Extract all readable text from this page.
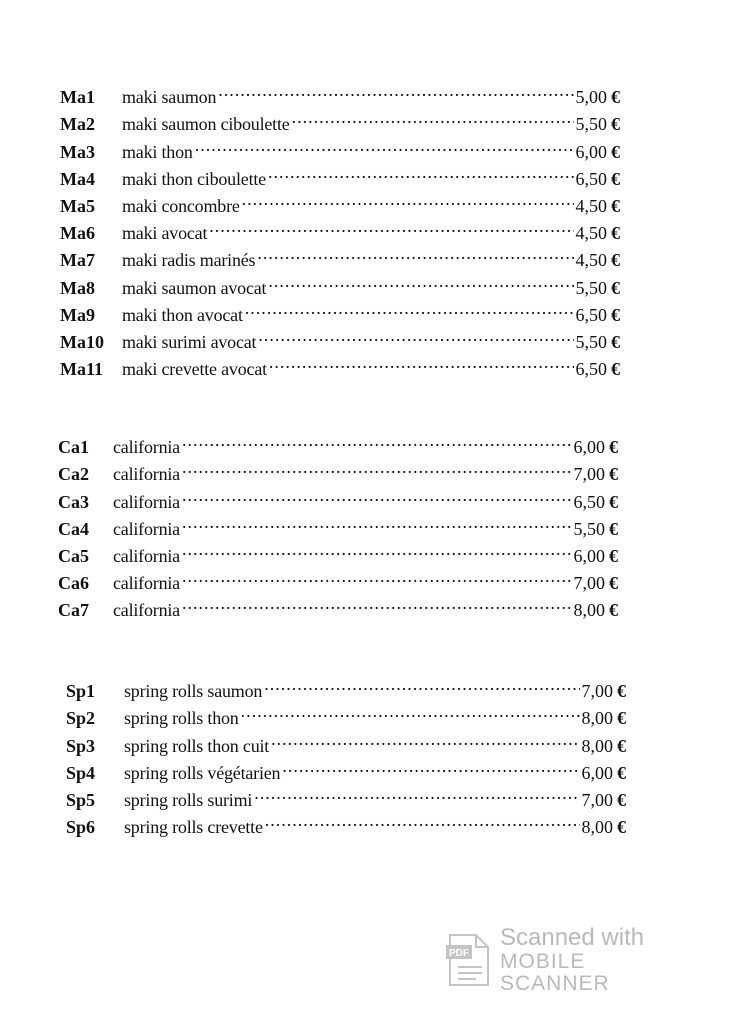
Ma1	maki saumon .....	5,00 €
Ma2	maki saumon ciboulette .....	5,50 €
Ma3	maki thon .....	6,00 €
Ma4	maki thon ciboulette .....	6,50 €
Ma5	maki concombre .....	4,50 €
Ma6	maki avocat .....	4,50 €
Ma7	maki radis marinés .....	4,50 €
Ma8	maki saumon avocat .....	5,50 €
Ma9	maki thon avocat .....	6,50 €
Ma10	maki surimi avocat .....	5,50 €
Ma11	maki crevette avocat .....	6,50 €
Ca1	california .....	6,00 €
Ca2	california .....	7,00 €
Ca3	california .....	6,50 €
Ca4	california .....	5,50 €
Ca5	california .....	6,00 €
Ca6	california .....	7,00 €
Ca7	california .....	8,00 €
Sp1	spring rolls saumon .....	7,00 €
Sp2	spring rolls thon .....	8,00 €
Sp3	spring rolls thon cuit .....	8,00 €
Sp4	spring rolls végétarien .....	6,00 €
Sp5	spring rolls surimi .....	7,00 €
Sp6	spring rolls crevette .....	8,00 €
PDF
Scanned with
MOBILE SCANNER
